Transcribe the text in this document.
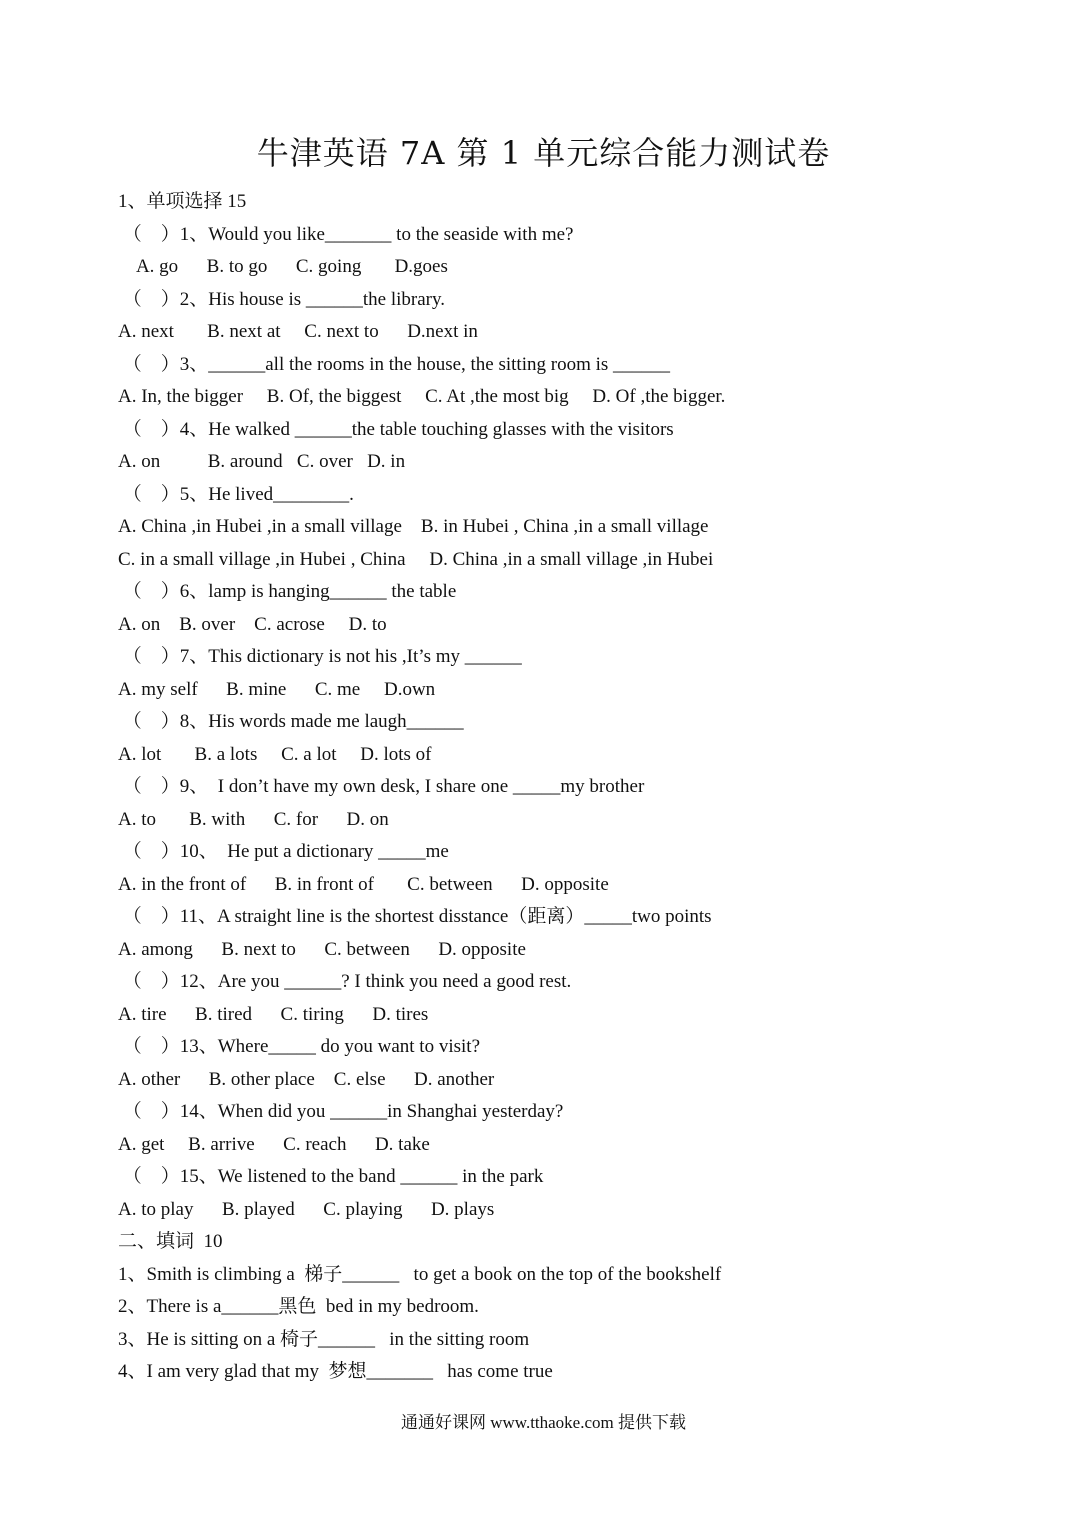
牛津英语 7A 第 1 单元综合能力测试卷
1、单项选择 15
（    ）1、Would you like_______ to the seaside with me?
A. go      B. to go      C. going       D.goes
（    ）2、His house is ______the library.
A. next       B. next at     C. next to      D.next in
（    ）3、______all the rooms in the house, the sitting room is ______
A. In, the bigger     B. Of, the biggest     C. At ,the most big     D. Of ,the bigger.
（    ）4、He walked ______the table touching glasses with the visitors
A. on          B. around   C. over   D. in
（    ）5、He lived________.
A. China ,in Hubei ,in a small village    B. in Hubei , China ,in a small village
C. in a small village ,in Hubei , China     D. China ,in a small village ,in Hubei
（    ）6、lamp is hanging______ the table
A. on    B. over    C. acrose     D. to
（    ）7、This dictionary is not his ,It’s my ______
A. my self      B. mine      C. me     D.own
（    ）8、His words made me laugh______
A. lot       B. a lots     C. a lot     D. lots of
（    ）9、  I don’t have my own desk, I share one _____my brother
A. to       B. with      C. for      D. on
（    ）10、  He put a dictionary _____me
A. in the front of      B. in front of       C. between      D. opposite
（    ）11、A straight line is the shortest disstance（距离）_____two points
A. among      B. next to      C. between      D. opposite
（    ）12、Are you ______? I think you need a good rest.
A. tire      B. tired      C. tiring      D. tires
（    ）13、Where_____ do you want to visit?
A. other      B. other place    C. else      D. another
（    ）14、When did you ______in Shanghai yesterday?
A. get     B. arrive      C. reach      D. take
（    ）15、We listened to the band ______ in the park
A. to play      B. played      C. playing      D. plays
二、填词  10
1、Smith is climbing a  梯子______   to get a book on the top of the bookshelf
2、There is a______黑色  bed in my bedroom.
3、He is sitting on a 椅子______   in the sitting room
4、I am very glad that my  梦想_______   has come true
通通好课网 www.tthaoke.com 提供下载
